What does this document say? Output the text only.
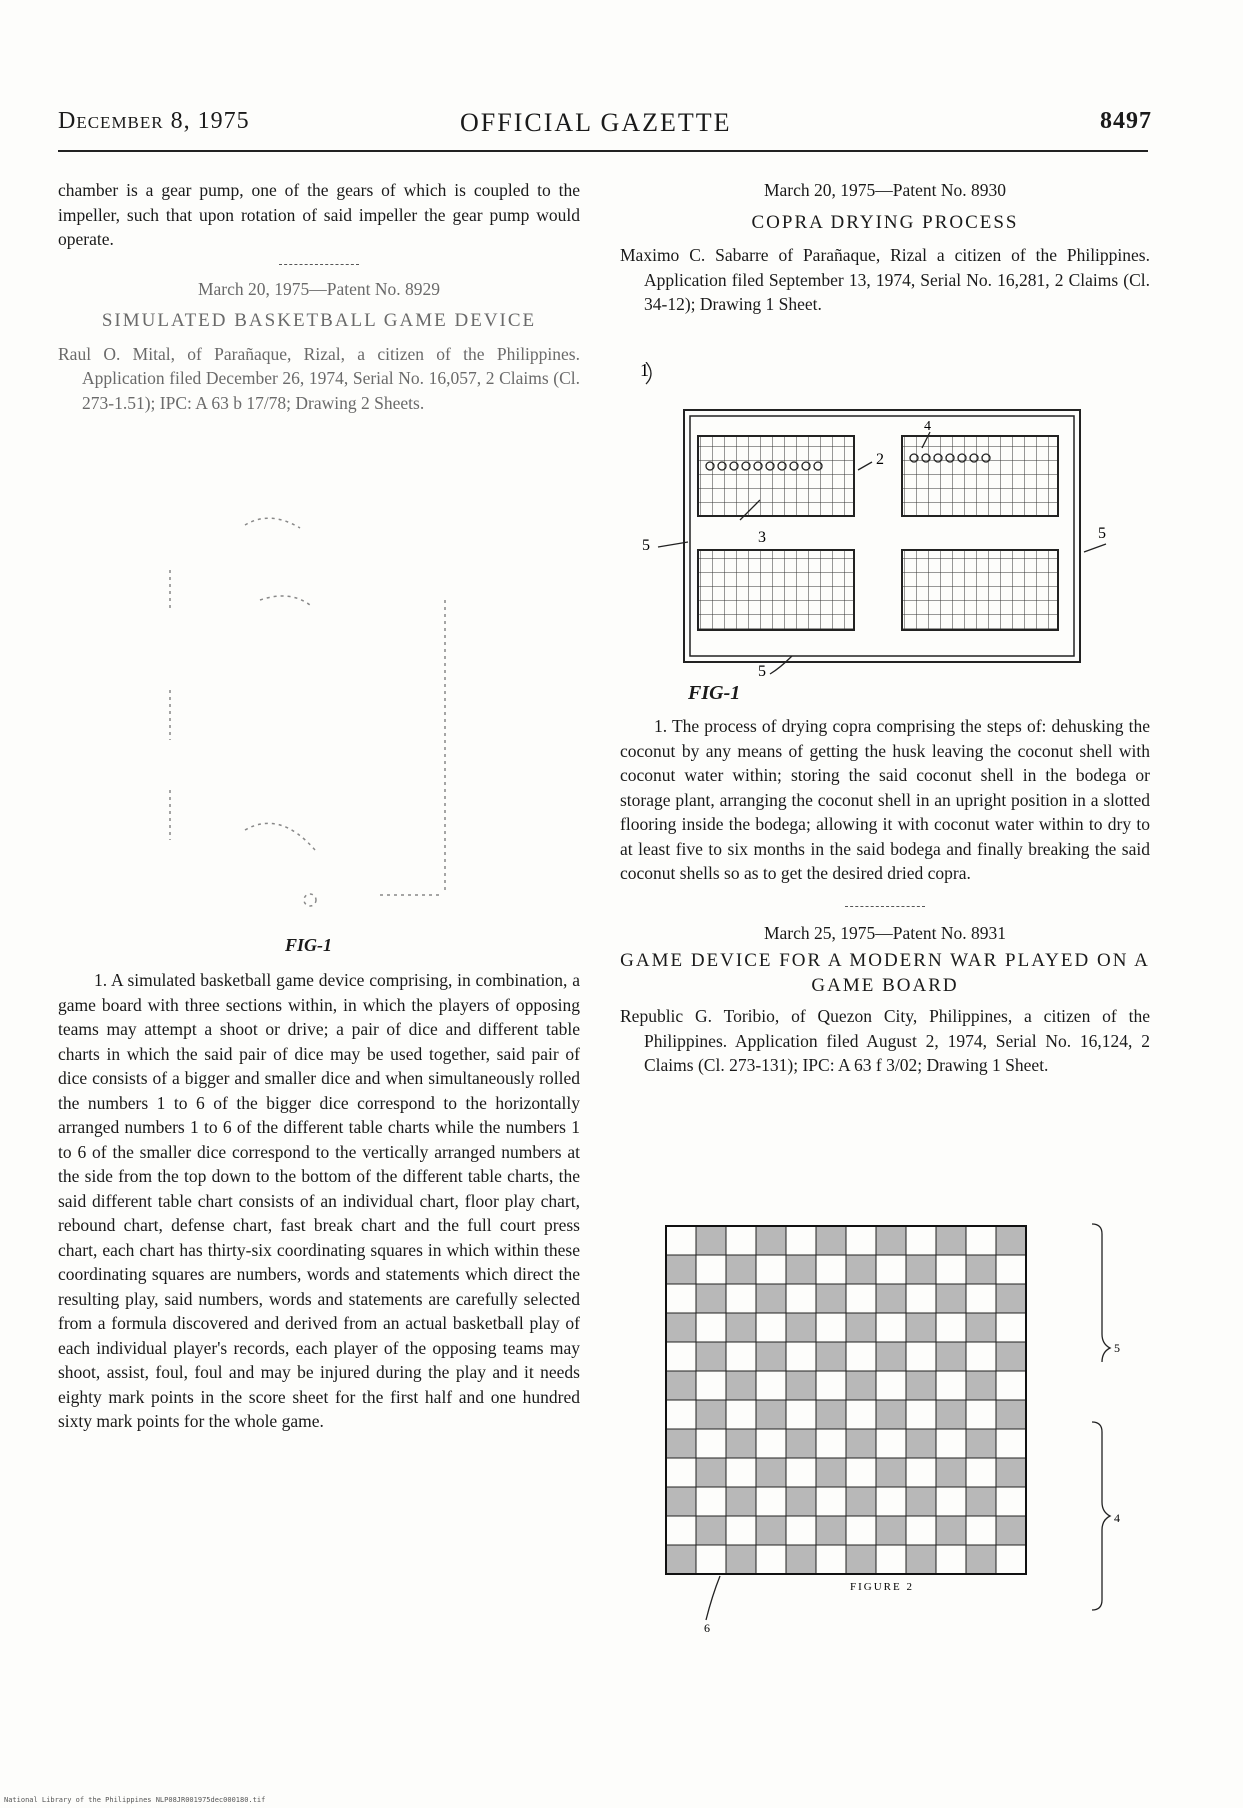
December 8, 1975	OFFICIAL GAZETTE	8497

chamber is a gear pump, one of the gears of which is coupled to the impeller, such that upon rotation of said impeller the gear pump would operate.

March 20, 1975—Patent No. 8929

SIMULATED BASKETBALL GAME DEVICE

Raul O. Mital, of Parañaque, Rizal, a citizen of the Philippines. Application filed December 26, 1974, Serial No. 16,057, 2 Claims (Cl. 273-1.51); IPC: A 63 b 17/78; Drawing 2 Sheets.

FIG-1

1. A simulated basketball game device comprising, in combination, a game board with three sections within, in which the players of opposing teams may attempt a shoot or drive; a pair of dice and different table charts in which the said pair of dice may be used together, said pair of dice consists of a bigger and smaller dice and when simultaneously rolled the numbers 1 to 6 of the bigger dice correspond to the horizontally arranged numbers 1 to 6 of the different table charts while the numbers 1 to 6 of the smaller dice correspond to the vertically arranged numbers at the side from the top down to the bottom of the different table charts, the said different table chart consists of an individual chart, floor play chart, rebound chart, defense chart, fast break chart and the full court press chart, each chart has thirty-six coordinating squares in which within these coordinating squares are numbers, words and statements which direct the resulting play, said numbers, words and statements are carefully selected from a formula discovered and derived from an actual basketball play of each individual player's records, each player of the opposing teams may shoot, assist, foul, foul and may be injured during the play and it needs eighty mark points in the score sheet for the first half and one hundred sixty mark points for the whole game.

March 20, 1975—Patent No. 8930

COPRA DRYING PROCESS

Maximo C. Sabarre of Parañaque, Rizal a citizen of the Philippines. Application filed September 13, 1974, Serial No. 16,281, 2 Claims (Cl. 34-12); Drawing 1 Sheet.

1
2
3
4
5
5
5
FIG-1

1. The process of drying copra comprising the steps of: dehusking the coconut by any means of getting the husk leaving the coconut shell with coconut water within; storing the said coconut shell in the bodega or storage plant, arranging the coconut shell in an upright position in a slotted flooring inside the bodega; allowing it with coconut water within to dry to at least five to six months in the said bodega and finally breaking the said coconut shells so as to get the desired dried copra.

March 25, 1975—Patent No. 8931

GAME DEVICE FOR A MODERN WAR PLAYED ON A GAME BOARD

Republic G. Toribio, of Quezon City, Philippines, a citizen of the Philippines. Application filed August 2, 1974, Serial No. 16,124, 2 Claims (Cl. 273-131); IPC: A 63 f 3/02; Drawing 1 Sheet.

5
4
6
FIGURE 2
National Library of the Philippines NLP08JR001975dec000180.tif
